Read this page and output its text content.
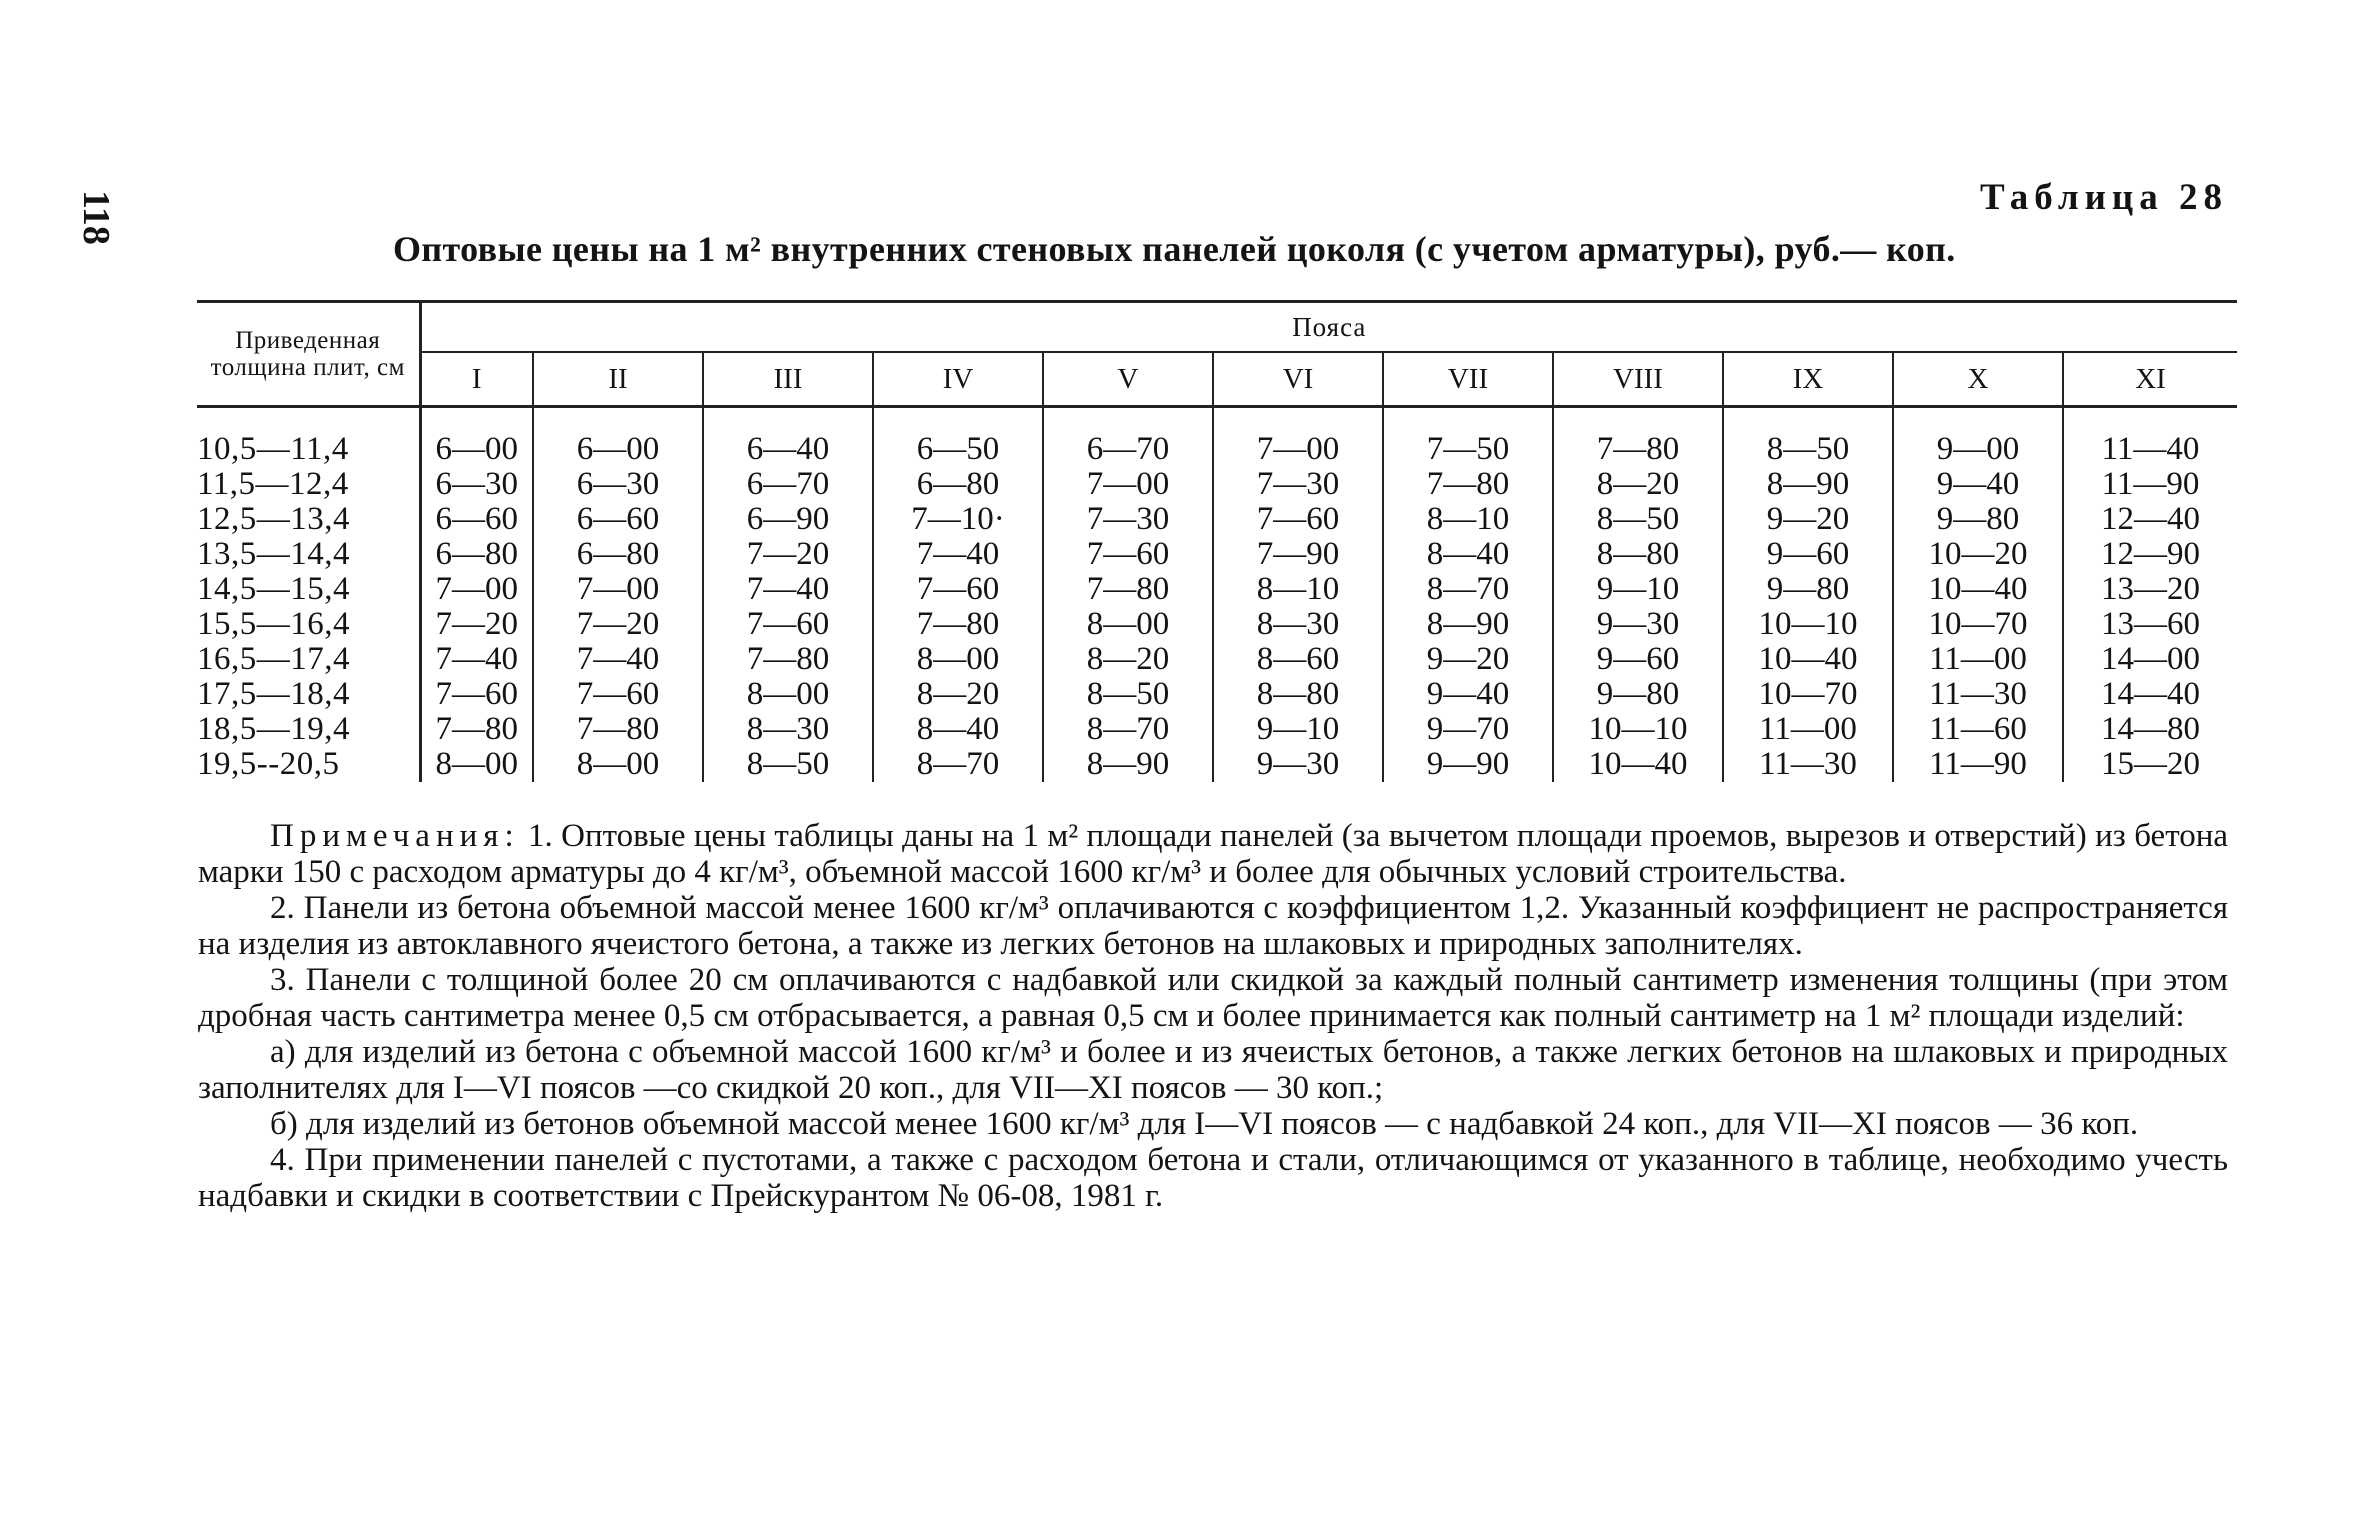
118	Таблица 28
Оптовые цены на 1 м² внутренних стеновых панелей цоколя (с учетом арматуры), руб.— коп.
Приведенная толщина плит, см	Пояса										
	I	II	III	IV	V	VI	VII	VIII	IX	X	XI

10,5—11,4	6—00	6—00	6—40	6—50	6—70	7—00	7—50	7—80	8—50	9—00	11—40
11,5—12,4	6—30	6—30	6—70	6—80	7—00	7—30	7—80	8—20	8—90	9—40	11—90
12,5—13,4	6—60	6—60	6—90	7—10·	7—30	7—60	8—10	8—50	9—20	9—80	12—40
13,5—14,4	6—80	6—80	7—20	7—40	7—60	7—90	8—40	8—80	9—60	10—20	12—90
14,5—15,4	7—00	7—00	7—40	7—60	7—80	8—10	8—70	9—10	9—80	10—40	13—20
15,5—16,4	7—20	7—20	7—60	7—80	8—00	8—30	8—90	9—30	10—10	10—70	13—60
16,5—17,4	7—40	7—40	7—80	8—00	8—20	8—60	9—20	9—60	10—40	11—00	14—00
17,5—18,4	7—60	7—60	8—00	8—20	8—50	8—80	9—40	9—80	10—70	11—30	14—40
18,5—19,4	7—80	7—80	8—30	8—40	8—70	9—10	9—70	10—10	11—00	11—60	14—80
19,5-‐20,5	8—00	8—00	8—50	8—70	8—90	9—30	9—90	10—40	11—30	11—90	15—20

Примечания: 1. Оптовые цены таблицы даны на 1 м² площади панелей (за вычетом площади проемов, вырезов и отверстий) из бетона марки 150 с расходом арматуры до 4 кг/м³, объемной массой 1600 кг/м³ и более для обычных условий строительства.

2. Панели из бетона объемной массой менее 1600 кг/м³ оплачиваются с коэффициентом 1,2. Указанный коэффициент не распространяется на изделия из автоклавного ячеистого бетона, а также из легких бетонов на шлаковых и природных заполнителях.

3. Панели с толщиной более 20 см оплачиваются с надбавкой или скидкой за каждый полный сантиметр изменения толщины (при этом дробная часть сантиметра менее 0,5 см отбрасывается, а равная 0,5 см и более принимается как полный сантиметр на 1 м² площади изделий:

а) для изделий из бетона с объемной массой 1600 кг/м³ и более и из ячеистых бетонов, а также легких бетонов на шлаковых и природных заполнителях для I—VI поясов —со скидкой 20 коп., для VII—XI поясов — 30 коп.;

б) для изделий из бетонов объемной массой менее 1600 кг/м³ для I—VI поясов — с надбавкой 24 коп., для VII—XI поясов — 36 коп.

4. При применении панелей с пустотами, а также с расходом бетона и стали, отличающимся от указанного в таблице, необходимо учесть надбавки и скидки в соответствии с Прейскурантом № 06-08, 1981 г.
